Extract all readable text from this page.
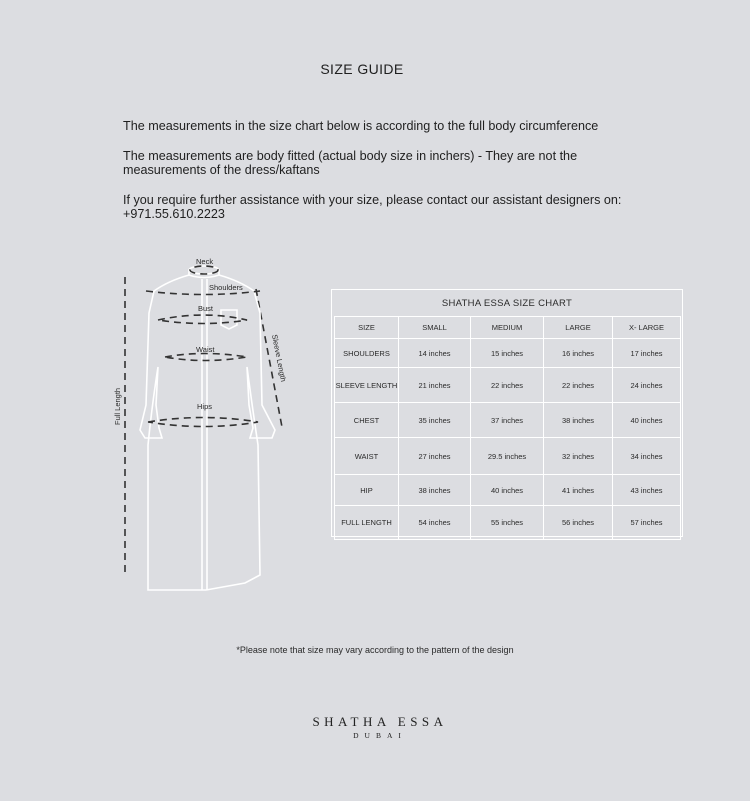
SIZE GUIDE
The measurements in the size chart below is according to the full body circumference
The measurements are body fitted (actual body size in inchers) - They are not the measurements of the dress/kaftans
If you require further assistance with your size, please contact our assistant designers on: +971.55.610.2223
Full Length
Sleeve Length
Neck
Shoulders
Bust
Waist
Hips
SHATHA ESSA SIZE CHART
SIZE	SMALL	MEDIUM	LARGE	X- LARGE
SHOULDERS	14 inches	15 inches	16 inches	17 inches
SLEEVE LENGTH	21 inches	22 inches	22 inches	24 inches
CHEST	35 inches	37 inches	38 inches	40 inches
WAIST	27 inches	29.5 inches	32 inches	34 inches
HIP	38 inches	40 inches	41 inches	43 inches
FULL LENGTH	54 inches	55 inches	56 inches	57 inches
*Please note that size may vary according to the pattern of the design
SHATHA ESSA
DUBAI
